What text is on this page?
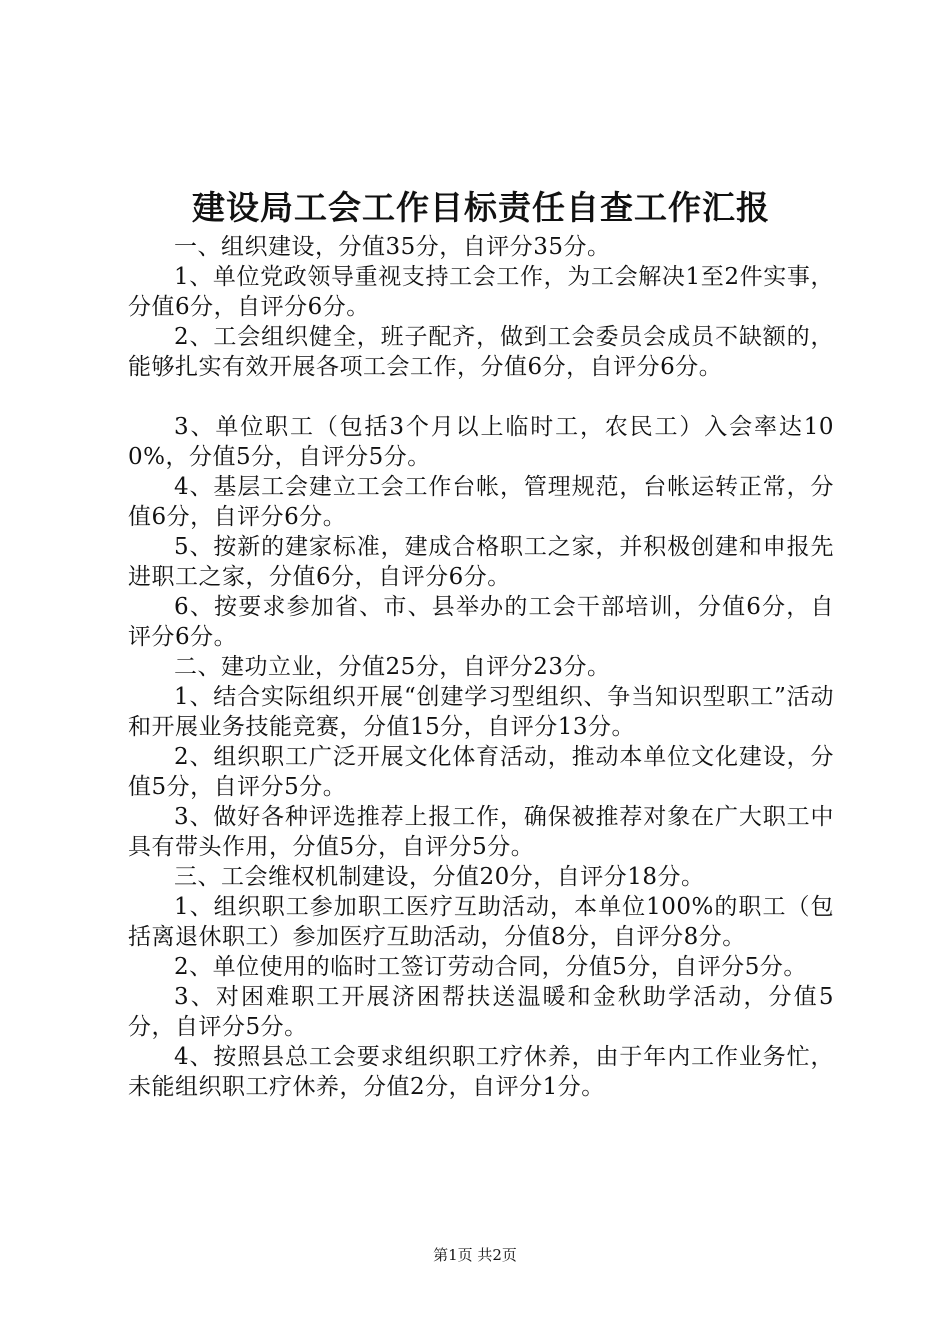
建设局工会工作目标责任自查工作汇报

一、组织建设，分值35分，自评分35分。

1、单位党政领导重视支持工会工作，为工会解决1至2件实事，分值6分，自评分6分。

2、工会组织健全，班子配齐，做到工会委员会成员不缺额的，能够扎实有效开展各项工会工作，分值6分，自评分6分。

3、单位职工（包括3个月以上临时工，农民工）入会率达100%，分值5分，自评分5分。

4、基层工会建立工会工作台帐，管理规范，台帐运转正常，分值6分，自评分6分。

5、按新的建家标准，建成合格职工之家，并积极创建和申报先进职工之家，分值6分，自评分6分。

6、按要求参加省、市、县举办的工会干部培训，分值6分，自评分6分。

二、建功立业，分值25分，自评分23分。

1、结合实际组织开展“创建学习型组织、争当知识型职工”活动和开展业务技能竞赛，分值15分，自评分13分。

2、组织职工广泛开展文化体育活动，推动本单位文化建设，分值5分，自评分5分。

3、做好各种评选推荐上报工作，确保被推荐对象在广大职工中具有带头作用，分值5分，自评分5分。

三、工会维权机制建设，分值20分，自评分18分。

1、组织职工参加职工医疗互助活动，本单位100%的职工（包括离退休职工）参加医疗互助活动，分值8分，自评分8分。

2、单位使用的临时工签订劳动合同，分值5分，自评分5分。

3、对困难职工开展济困帮扶送温暖和金秋助学活动，分值5分，自评分5分。

4、按照县总工会要求组织职工疗休养，由于年内工作业务忙，未能组织职工疗休养，分值2分，自评分1分。

第1页 共2页
